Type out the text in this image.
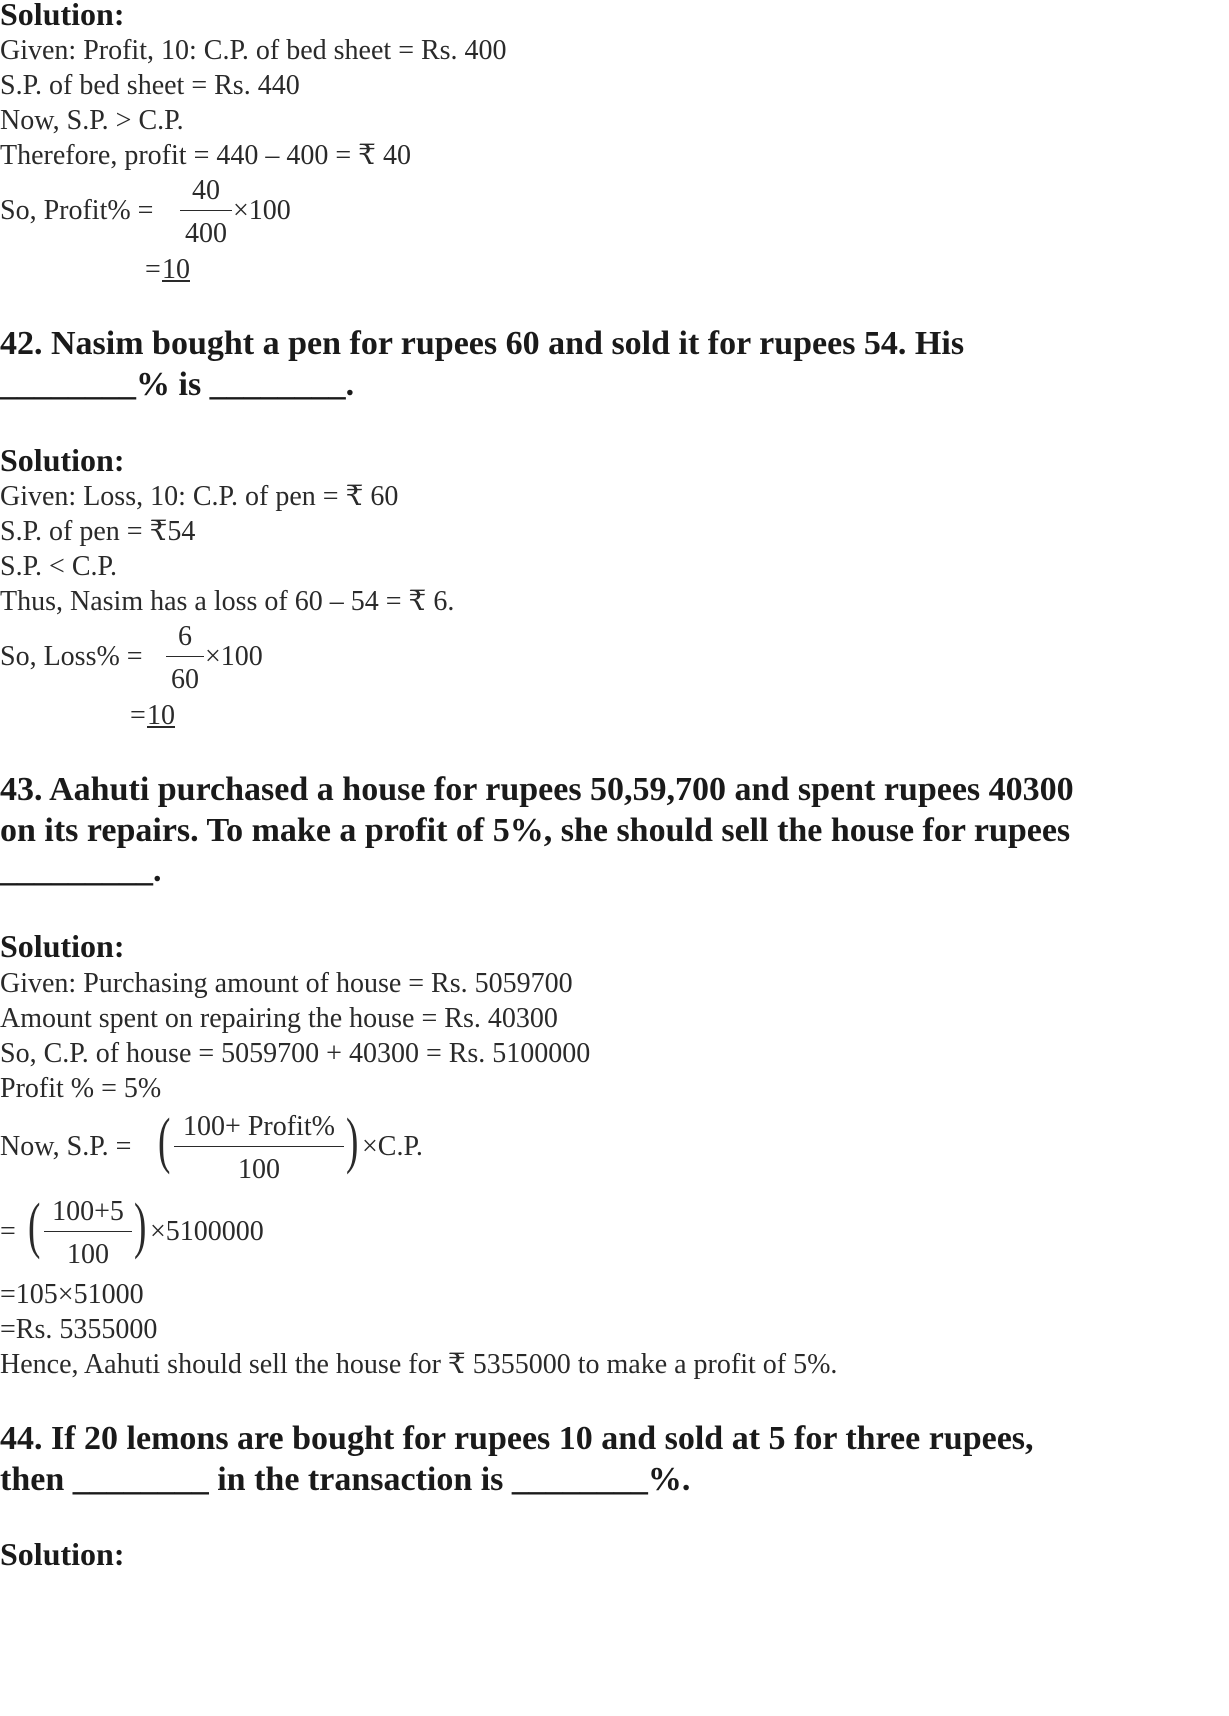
Solution:
Given: Profit, 10: C.P. of bed sheet = Rs. 400
S.P. of bed sheet = Rs. 440
Now, S.P. > C.P.
Therefore, profit = 440 – 400 = ₹ 40
So, Profit% =
40
400
×100
= 10
42. Nasim bought a pen for rupees 60 and sold it for rupees 54. His
________% is ________.
Solution:
Given: Loss, 10: C.P. of pen = ₹ 60
S.P. of pen = ₹54
S.P. < C.P.
Thus, Nasim has a loss of 60 – 54 = ₹ 6.
So, Loss% =
6
60
×100
= 10
43. Aahuti purchased a house for rupees 50,59,700 and spent rupees 40300
on its repairs. To make a profit of 5%, she should sell the house for rupees
_________.
Solution:
Given: Purchasing amount of house = Rs. 5059700
Amount spent on repairing the house = Rs. 40300
So, C.P. of house = 5059700 + 40300 = Rs. 5100000
Profit % = 5%
Now, S.P. = ( 100+ Profit%
100	) ×C.P.
= ( 100+5
100 ) ×5100000
=105×51000
=Rs. 5355000
Hence, Aahuti should sell the house for ₹ 5355000 to make a profit of 5%.
44. If 20 lemons are bought for rupees 10 and sold at 5 for three rupees,
then ________ in the transaction is ________%.
Solution:
